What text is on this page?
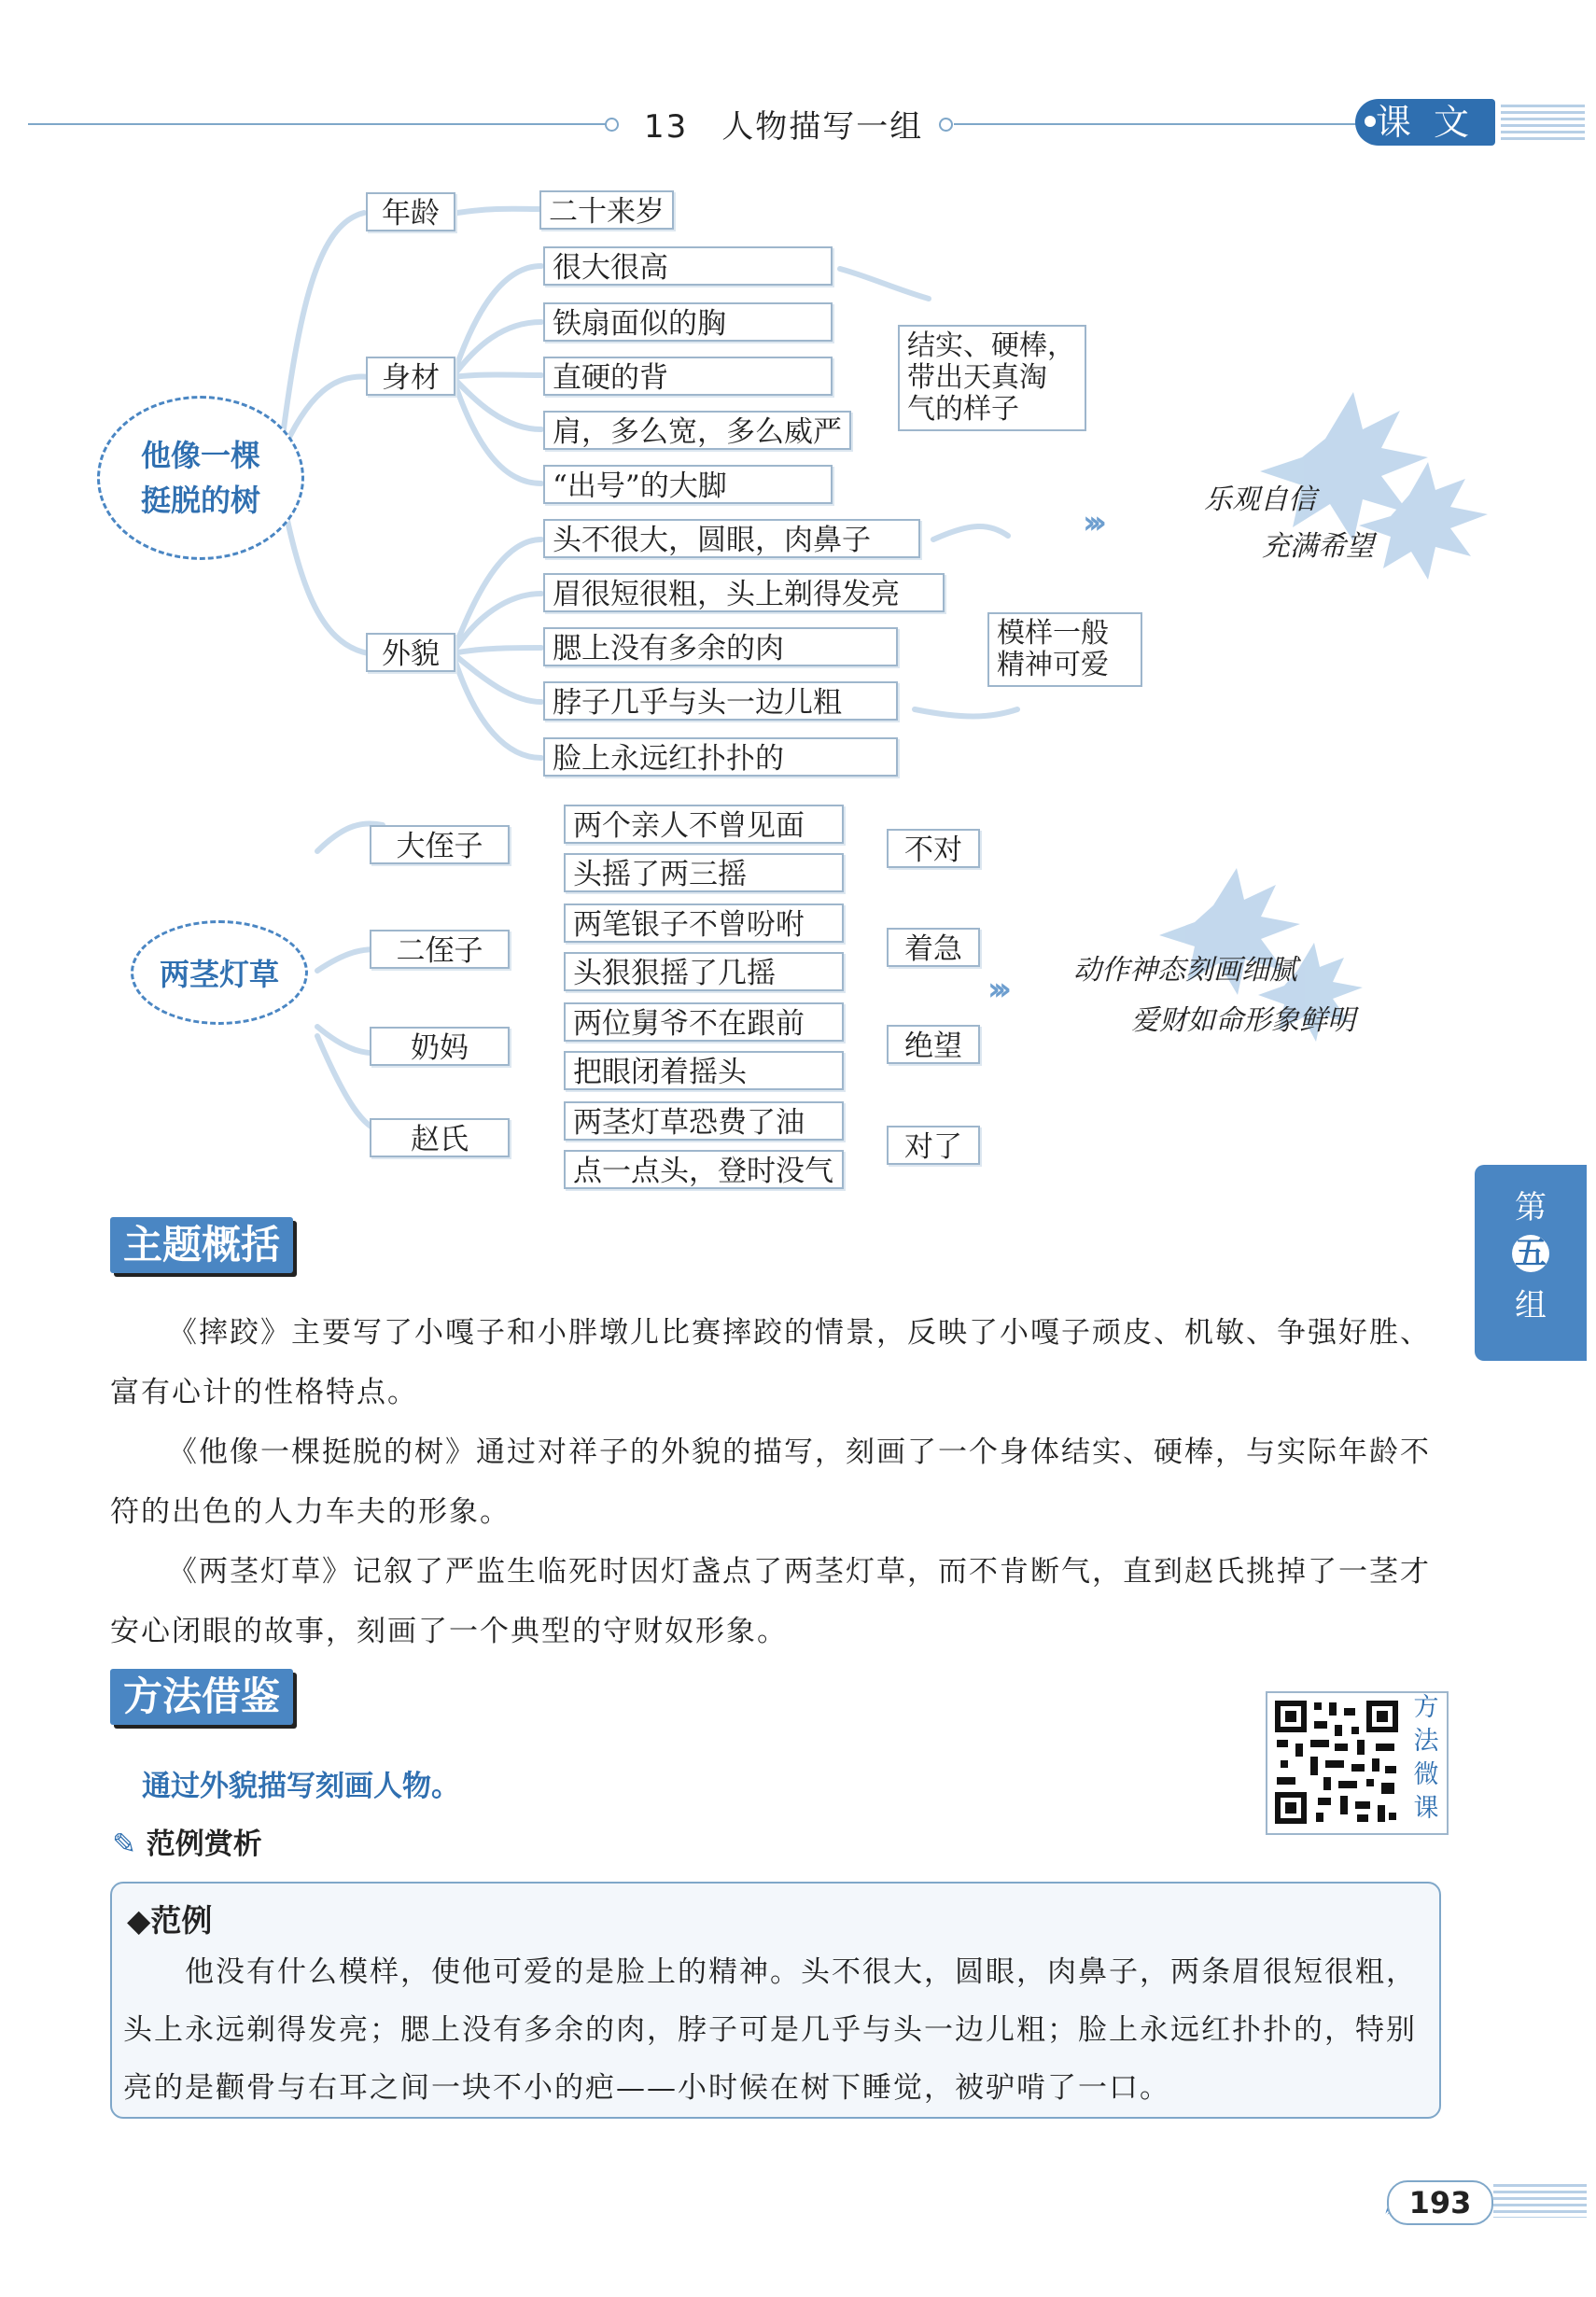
13　人物描写一组	课 文
他像一棵
挺脱的树
年龄
身材
外貌
二十来岁
很大很高
铁扇面似的胸
直硬的背
肩，多么宽，多么威严
“出号”的大脚
头不很大，圆眼，肉鼻子
眉很短很粗，头上剃得发亮
腮上没有多余的肉
脖子几乎与头一边儿粗
脸上永远红扑扑的
结实、硬棒，
带出天真淘
气的样子
模样一般
精神可爱
›››
乐观自信
充满希望
两茎灯草
大侄子
二侄子
奶妈
赵氏
两个亲人不曾见面
头摇了两三摇
两笔银子不曾吩咐
头狠狠摇了几摇
两位舅爷不在跟前
把眼闭着摇头
两茎灯草恐费了油
点一点头，登时没气
不对
着急
绝望
对了
›››
动作神态刻画细腻
爱财如命形象鲜明
第
五
组
主题概括

《摔跤》主要写了小嘎子和小胖墩儿比赛摔跤的情景，反映了小嘎子顽皮、机敏、争强好胜、富有心计的性格特点。

《他像一棵挺脱的树》通过对祥子的外貌的描写，刻画了一个身体结实、硬棒，与实际年龄不符的出色的人力车夫的形象。

《两茎灯草》记叙了严监生临死时因灯盏点了两茎灯草，而不肯断气，直到赵氏挑掉了一茎才安心闭眼的故事，刻画了一个典型的守财奴形象。

方法借鉴
通过外貌描写刻画人物。
方
法
微
课
✎ 范例赏析
◆范例
他没有什么模样，使他可爱的是脸上的精神。头不很大，圆眼，肉鼻子，两条眉很短很粗，头上永远剃得发亮；腮上没有多余的肉，脖子可是几乎与头一边儿粗；脸上永远红扑扑的，特别亮的是颧骨与右耳之间一块不小的疤——小时候在树下睡觉，被驴啃了一口。
193
